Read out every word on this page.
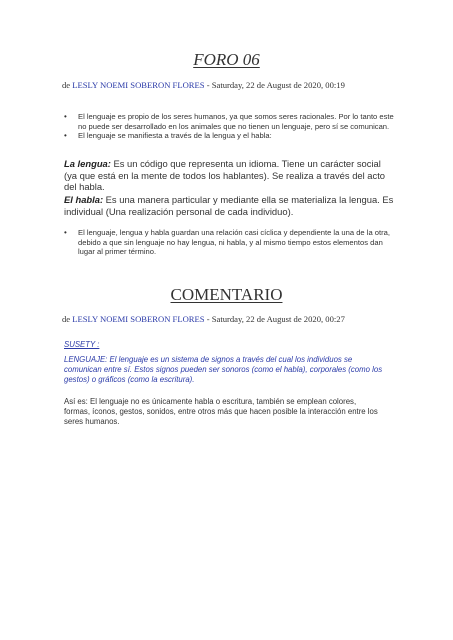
FORO 06
de LESLY NOEMI SOBERON FLORES - Saturday, 22 de August de 2020, 00:19
• El lenguaje es propio de los seres humanos, ya que somos seres racionales. Por lo tanto este no puede ser desarrollado en los animales que no tienen un lenguaje, pero sí se comunican.
• El lenguaje se manifiesta a través de la lengua y el habla:
La lengua: Es un código que representa un idioma. Tiene un carácter social (ya que está en la mente de todos los hablantes). Se realiza a través del acto del habla.
El habla: Es una manera particular y mediante ella se materializa la lengua. Es individual (Una realización personal de cada individuo).
• El lenguaje, lengua y habla guardan una relación casi cíclica y dependiente la una de la otra, debido a que sin lenguaje no hay lengua, ni habla, y al mismo tiempo estos elementos dan lugar al primer término.
COMENTARIO
de LESLY NOEMI SOBERON FLORES - Saturday, 22 de August de 2020, 00:27
SUSETY :
LENGUAJE: El lenguaje es un sistema de signos a través del cual los individuos se comunican entre sí. Estos signos pueden ser sonoros (como el habla), corporales (como los gestos) o gráficos (como la escritura).
Así es: El lenguaje no es únicamente habla o escritura, también se emplean colores, formas, íconos, gestos, sonidos, entre otros más que hacen posible la interacción entre los seres humanos.
